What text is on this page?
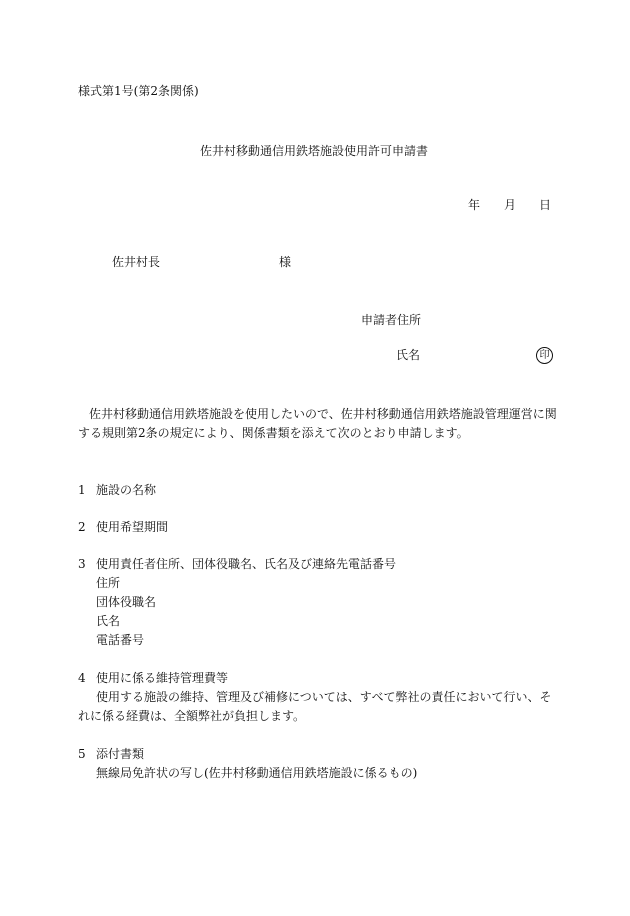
様式第1号(第2条関係)
佐井村移動通信用鉄塔施設使用許可申請書
年 月 日
佐井村長	様
申請者住所
氏名	印
佐井村移動通信用鉄塔施設を使用したいので、佐井村移動通信用鉄塔施設管理運営に関
する規則第2条の規定により、関係書類を添えて次のとおり申請します。
1 施設の名称
2 使用希望期間
3 使用責任者住所、団体役職名、氏名及び連絡先電話番号
住所
団体役職名
氏名
電話番号
4 使用に係る維持管理費等
使用する施設の維持、管理及び補修については、すべて弊社の責任において行い、そ
れに係る経費は、全額弊社が負担します。
5 添付書類
無線局免許状の写し(佐井村移動通信用鉄塔施設に係るもの)
